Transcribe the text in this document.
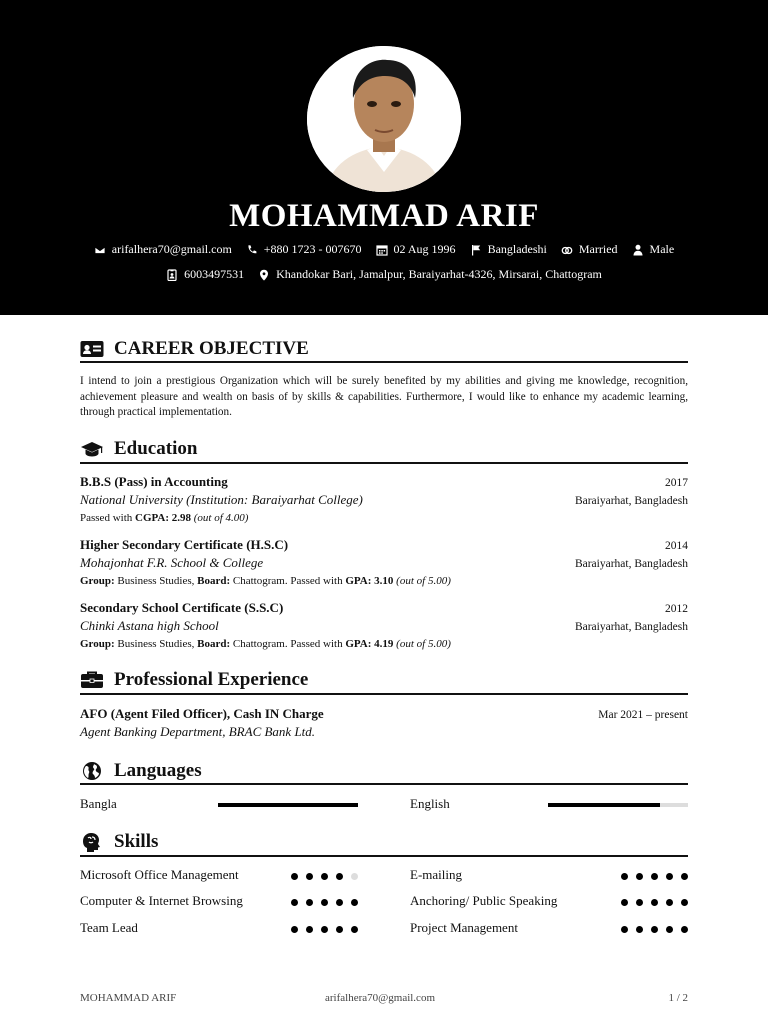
MOHAMMAD ARIF
arifalhera70@gmail.com	+880 1723 - 007670	02 Aug 1996	Bangladeshi	Married	Male
6003497531	Khandokar Bari, Jamalpur, Baraiyarhat-4326, Mirsarai, Chattogram
CAREER OBJECTIVE
I intend to join a prestigious Organization which will be surely benefited by my abilities and giving me knowledge, recognition, achievement pleasure and wealth on basis of by skills & capabilities. Furthermore, I would like to enhance my academic learning, through practical implementation.
Education
B.B.S (Pass) in Accounting	2017
National University (Institution: Baraiyarhat College)	Baraiyarhat, Bangladesh
Passed with CGPA: 2.98 (out of 4.00)
Higher Secondary Certificate (H.S.C)	2014
Mohajonhat F.R. School & College	Baraiyarhat, Bangladesh
Group: Business Studies, Board: Chattogram. Passed with GPA: 3.10 (out of 5.00)
Secondary School Certificate (S.S.C)	2012
Chinki Astana high School	Baraiyarhat, Bangladesh
Group: Business Studies, Board: Chattogram. Passed with GPA: 4.19 (out of 5.00)
Professional Experience
AFO (Agent Filed Officer), Cash IN Charge	Mar 2021 – present
Agent Banking Department, BRAC Bank Ltd.
Languages
Bangla	English
Skills
Microsoft Office Management	E-mailing
Computer & Internet Browsing	Anchoring/ Public Speaking
Team Lead	Project Management
MOHAMMAD ARIF	arifalhera70@gmail.com	1 / 2
